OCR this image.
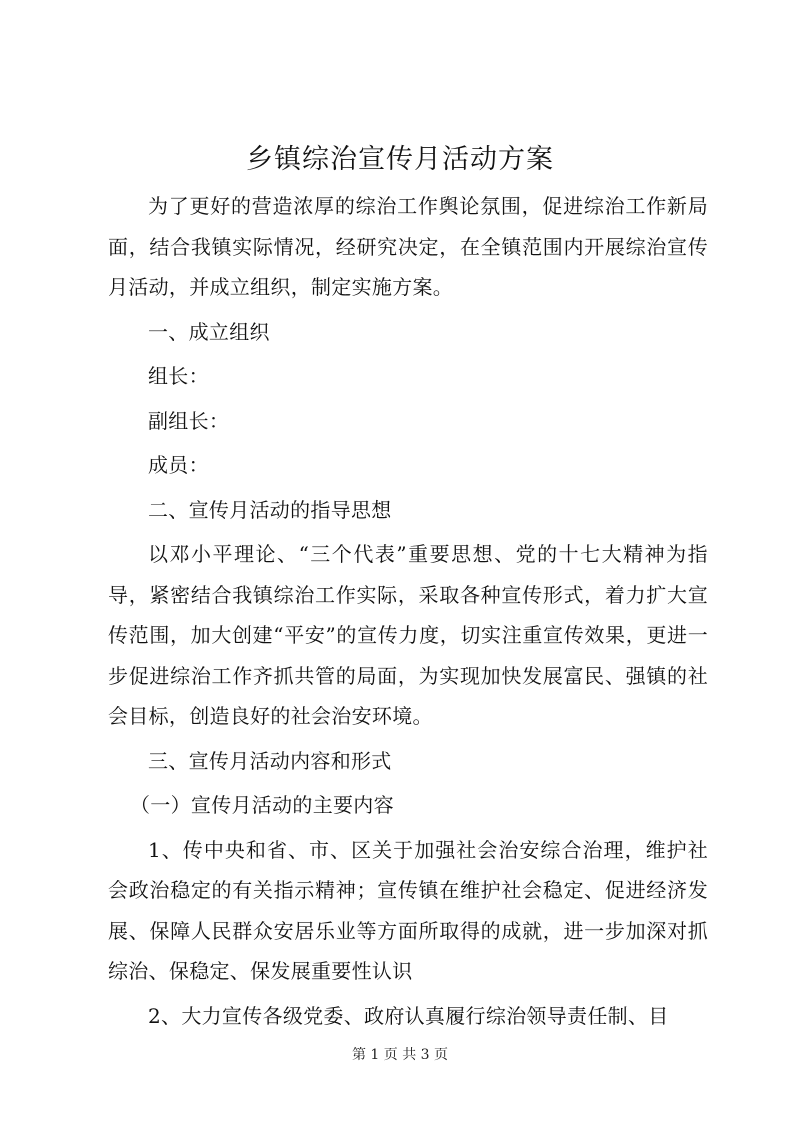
乡镇综治宣传月活动方案

为了更好的营造浓厚的综治工作舆论氛围，促进综治工作新局面，结合我镇实际情况，经研究决定，在全镇范围内开展综治宣传月活动，并成立组织，制定实施方案。

一、成立组织

组长：

副组长：

成员：

二、宣传月活动的指导思想

以邓小平理论、“三个代表”重要思想、党的十七大精神为指导，紧密结合我镇综治工作实际，采取各种宣传形式，着力扩大宣传范围，加大创建“平安”的宣传力度，切实注重宣传效果，更进一步促进综治工作齐抓共管的局面，为实现加快发展富民、强镇的社会目标，创造良好的社会治安环境。

三、宣传月活动内容和形式

（一）宣传月活动的主要内容

1、传中央和省、市、区关于加强社会治安综合治理，维护社会政治稳定的有关指示精神；宣传镇在维护社会稳定、促进经济发展、保障人民群众安居乐业等方面所取得的成就，进一步加深对抓综治、保稳定、保发展重要性认识

2、大力宣传各级党委、政府认真履行综治领导责任制、目

第 1 页 共 3 页
